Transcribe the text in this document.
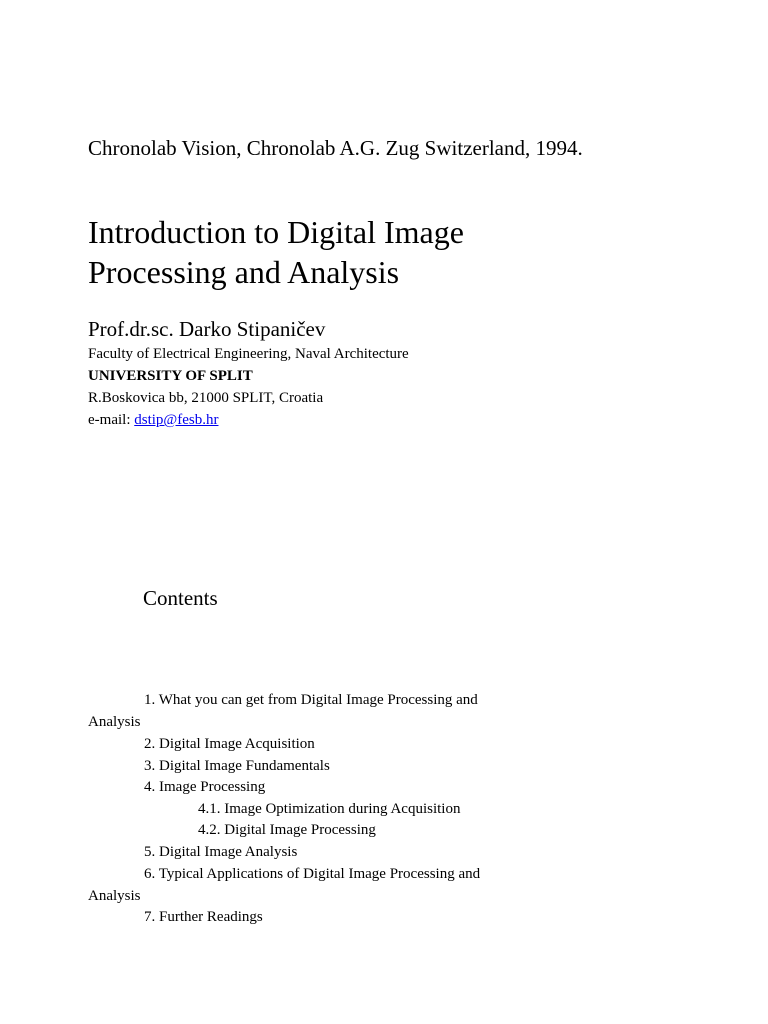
Chronolab Vision, Chronolab A.G. Zug Switzerland, 1994.
Introduction to Digital Image
Processing and Analysis
Prof.dr.sc. Darko Stipaničev
Faculty of Electrical Engineering, Naval Architecture
UNIVERSITY OF SPLIT
R.Boskovica bb, 21000 SPLIT, Croatia
e-mail: dstip@fesb.hr
Contents
1. What you can get from Digital Image Processing and
Analysis
2. Digital Image Acquisition
3. Digital Image Fundamentals
4. Image Processing
4.1. Image Optimization during Acquisition
4.2. Digital Image Processing
5. Digital Image Analysis
6. Typical Applications of Digital Image Processing and
Analysis
7. Further Readings
